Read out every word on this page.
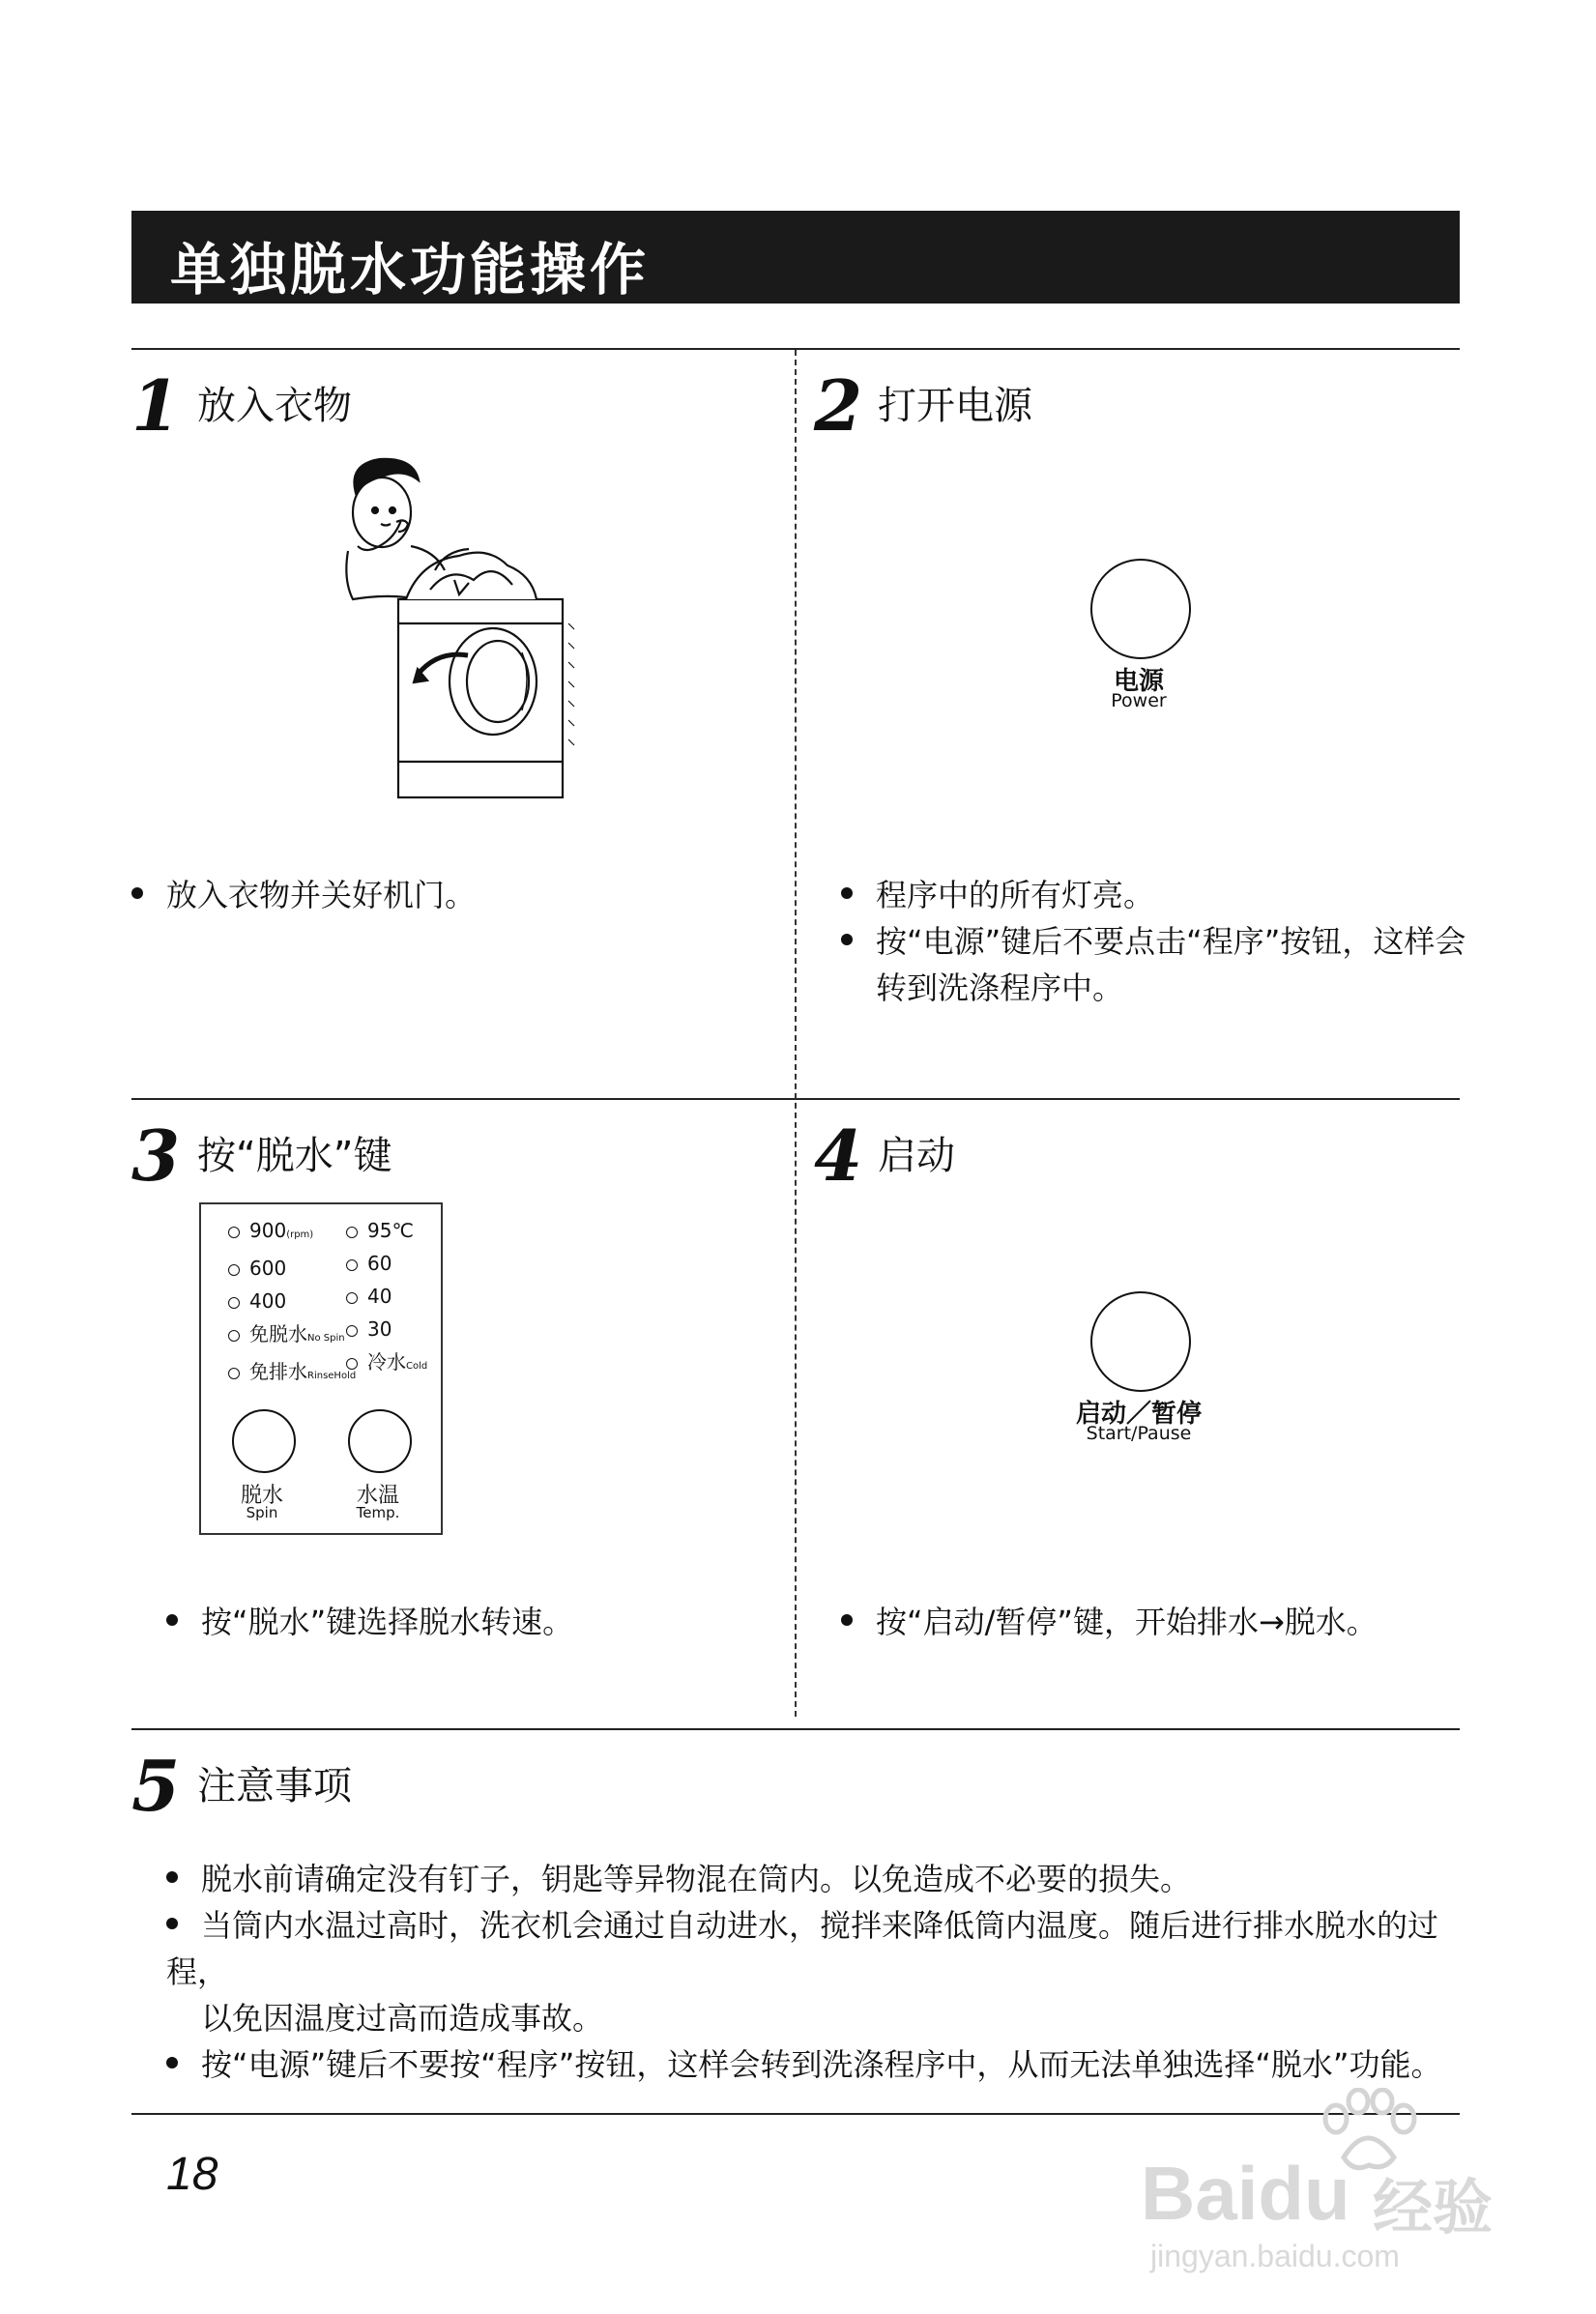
单独脱水功能操作
1 放入衣物
放入衣物并关好机门。
2 打开电源
电源
Power
程序中的所有灯亮。
按“电源”键后不要点击“程序”按钮，这样会
转到洗涤程序中。
3 按“脱水”键
900(rpm)
600
400
免脱水No Spin
免排水RinseHold
95℃
60
40
30
冷水Cold
脱水
Spin
水温
Temp.
按“脱水”键选择脱水转速。
4 启动
启动／暂停
Start/Pause
按“启动/暂停”键，开始排水→脱水。
5 注意事项
脱水前请确定没有钉子，钥匙等异物混在筒内。以免造成不必要的损失。
当筒内水温过高时，洗衣机会通过自动进水，搅拌来降低筒内温度。随后进行排水脱水的过程，
以免因温度过高而造成事故。
按“电源”键后不要按“程序”按钮，这样会转到洗涤程序中，从而无法单独选择“脱水”功能。
18	Baidu 经验
jingyan.baidu.com
